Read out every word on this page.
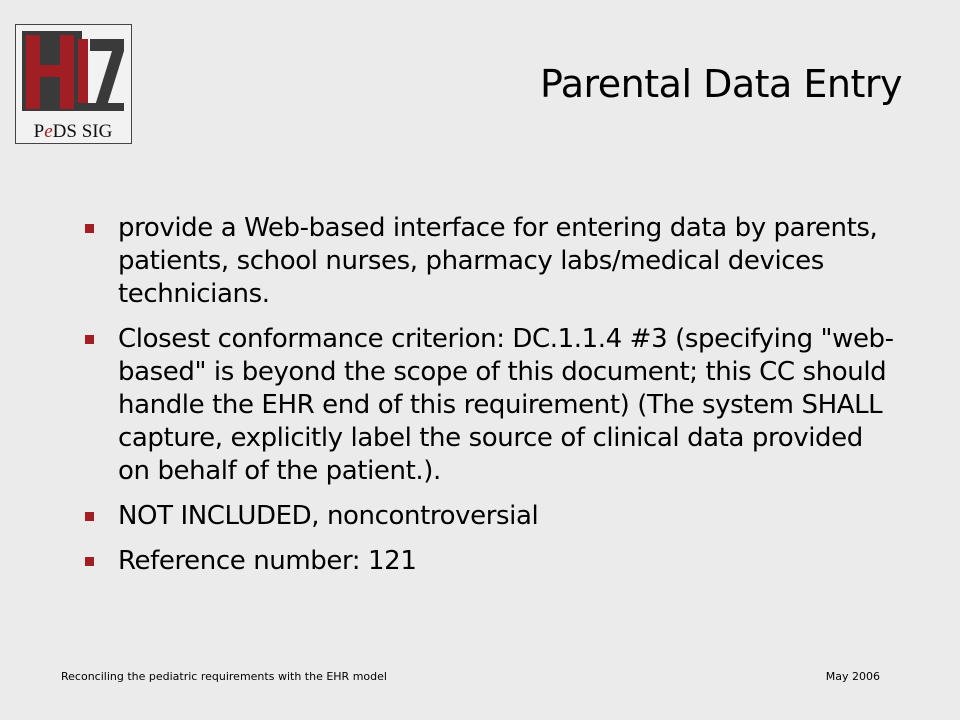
PeDS SIG
Parental Data Entry
provide a Web-based interface for entering data by parents, patients, school nurses, pharmacy labs/medical devices technicians.
Closest conformance criterion: DC.1.1.4 #3 (specifying "web-based" is beyond the scope of this document; this CC should handle the EHR end of this requirement) (The system SHALL capture, explicitly label the source of clinical data provided on behalf of the patient.).
NOT INCLUDED, noncontroversial
Reference number: 121
Reconciling the pediatric requirements with the EHR model	May 2006
